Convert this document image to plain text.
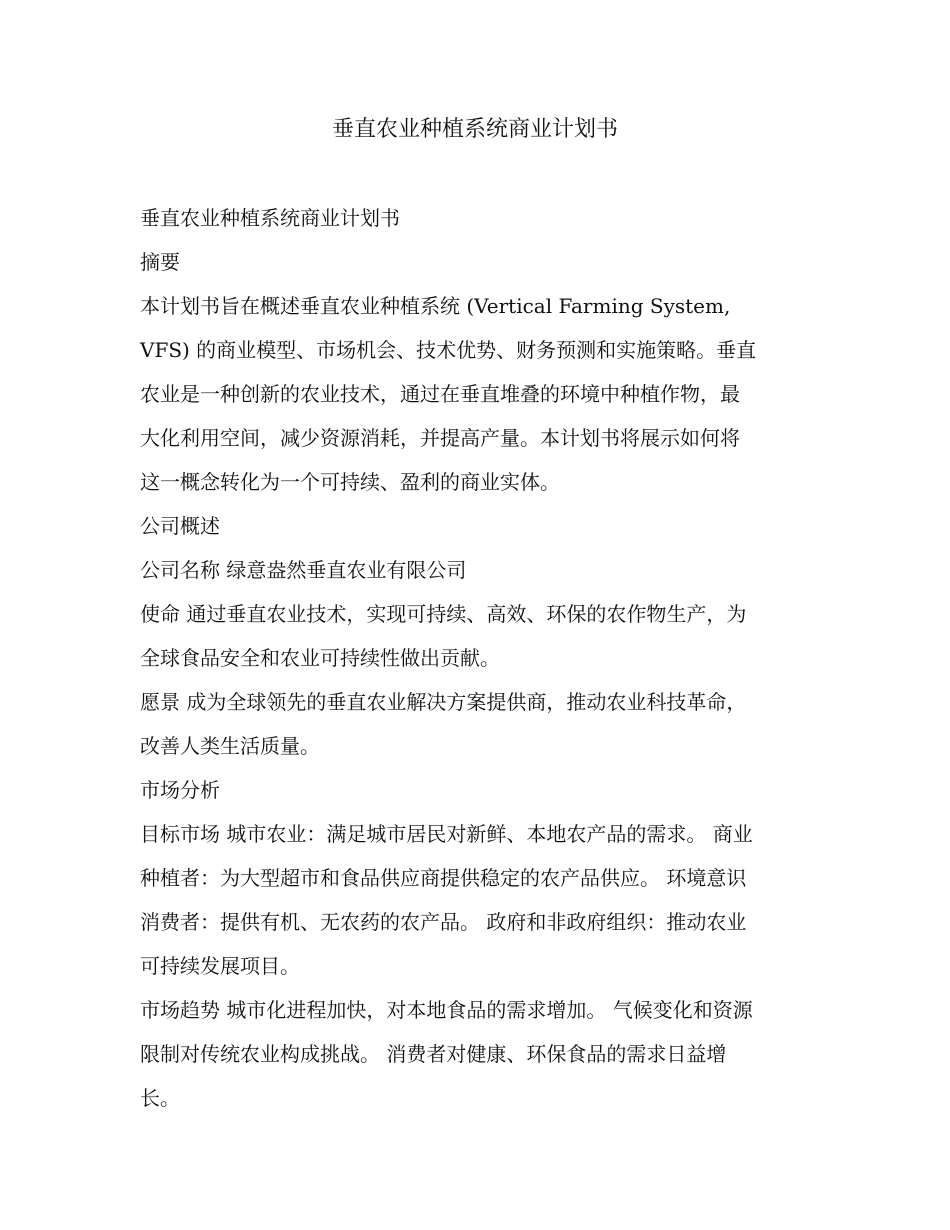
垂直农业种植系统商业计划书
垂直农业种植系统商业计划书
摘要
本计划书旨在概述垂直农业种植系统 (Vertical Farming System,
VFS) 的商业模型、市场机会、技术优势、财务预测和实施策略。垂直
农业是一种创新的农业技术，通过在垂直堆叠的环境中种植作物，最
大化利用空间，减少资源消耗，并提高产量。本计划书将展示如何将
这一概念转化为一个可持续、盈利的商业实体。
公司概述
公司名称 绿意盎然垂直农业有限公司
使命 通过垂直农业技术，实现可持续、高效、环保的农作物生产，为
全球食品安全和农业可持续性做出贡献。
愿景 成为全球领先的垂直农业解决方案提供商，推动农业科技革命，
改善人类生活质量。
市场分析
目标市场 城市农业：满足城市居民对新鲜、本地农产品的需求。 商业
种植者：为大型超市和食品供应商提供稳定的农产品供应。 环境意识
消费者：提供有机、无农药的农产品。 政府和非政府组织：推动农业
可持续发展项目。
市场趋势 城市化进程加快，对本地食品的需求增加。 气候变化和资源
限制对传统农业构成挑战。 消费者对健康、环保食品的需求日益增
长。
